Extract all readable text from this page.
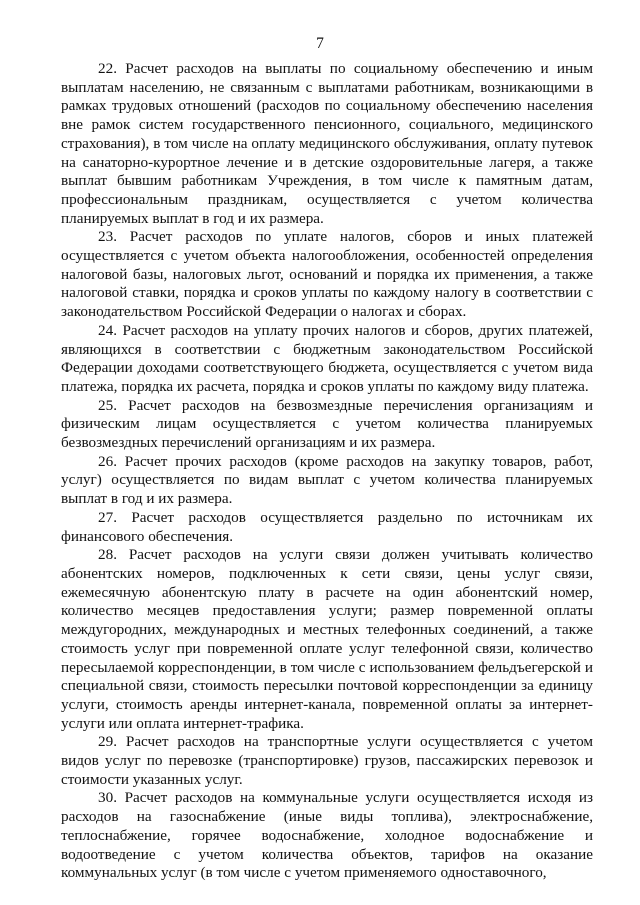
7

22. Расчет расходов на выплаты по социальному обеспечению и иным выплатам населению, не связанным с выплатами работникам, возникающими в рамках трудовых отношений (расходов по социальному обеспечению населения вне рамок систем государственного пенсионного, социального, медицинского страхования), в том числе на оплату медицинского обслуживания, оплату путевок на санаторно-курортное лечение и в детские оздоровительные лагеря, а также выплат бывшим работникам Учреждения, в том числе к памятным датам, профессиональным праздникам, осуществляется с учетом количества планируемых выплат в год и их размера.

23. Расчет расходов по уплате налогов, сборов и иных платежей осуществляется с учетом объекта налогообложения, особенностей определения налоговой базы, налоговых льгот, оснований и порядка их применения, а также налоговой ставки, порядка и сроков уплаты по каждому налогу в соответствии с законодательством Российской Федерации о налогах и сборах.

24. Расчет расходов на уплату прочих налогов и сборов, других платежей, являющихся в соответствии с бюджетным законодательством Российской Федерации доходами соответствующего бюджета, осуществляется с учетом вида платежа, порядка их расчета, порядка и сроков уплаты по каждому виду платежа.

25. Расчет расходов на безвозмездные перечисления организациям и физическим лицам осуществляется с учетом количества планируемых безвозмездных перечислений организациям и их размера.

26. Расчет прочих расходов (кроме расходов на закупку товаров, работ, услуг) осуществляется по видам выплат с учетом количества планируемых выплат в год и их размера.

27. Расчет расходов осуществляется раздельно по источникам их финансового обеспечения.

28. Расчет расходов на услуги связи должен учитывать количество абонентских номеров, подключенных к сети связи, цены услуг связи, ежемесячную абонентскую плату в расчете на один абонентский номер, количество месяцев предоставления услуги; размер повременной оплаты междугородних, международных и местных телефонных соединений, а также стоимость услуг при повременной оплате услуг телефонной связи, количество пересылаемой корреспонденции, в том числе с использованием фельдъегерской и специальной связи, стоимость пересылки почтовой корреспонденции за единицу услуги, стоимость аренды интернет-канала, повременной оплаты за интернет-услуги или оплата интернет-трафика.

29. Расчет расходов на транспортные услуги осуществляется с учетом видов услуг по перевозке (транспортировке) грузов, пассажирских перевозок и стоимости указанных услуг.

30. Расчет расходов на коммунальные услуги осуществляется исходя из расходов на газоснабжение (иные виды топлива), электроснабжение, теплоснабжение, горячее водоснабжение, холодное водоснабжение и водоотведение с учетом количества объектов, тарифов на оказание коммунальных услуг (в том числе с учетом применяемого одноставочного,
